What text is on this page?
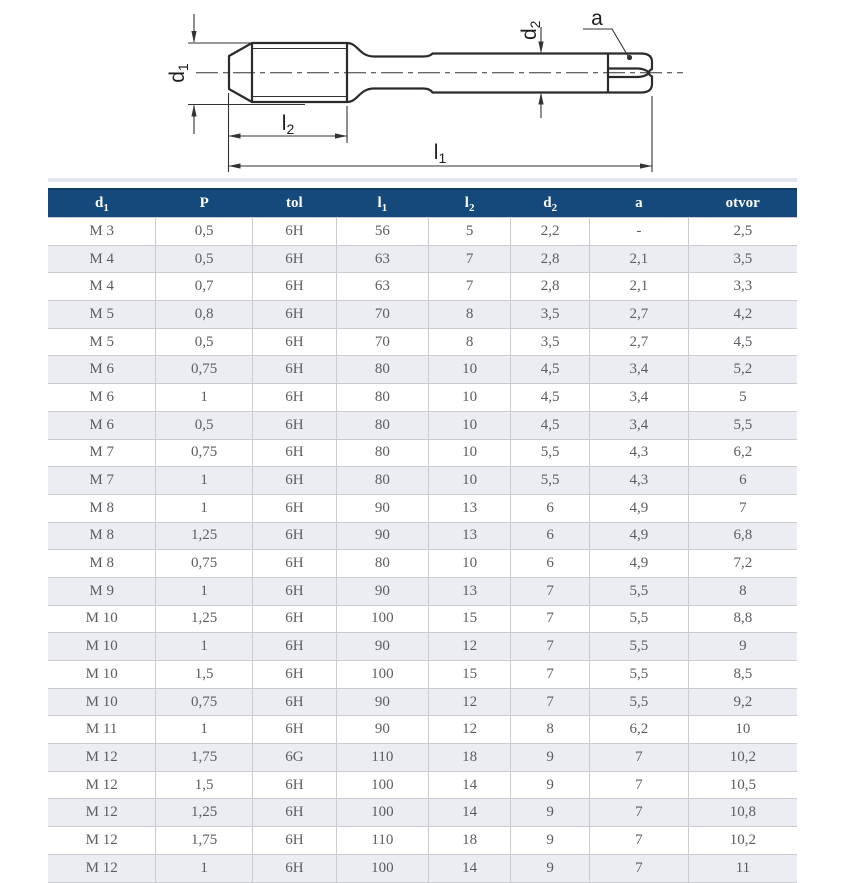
d1
l2
l1
d2 a
$d_1$	P	tol	$l_1$	$l_2$	$d_2$	a	otvor
M 3	0,5	6H	56	5	2,2	-	2,5
M 4	0,5	6H	63	7	2,8	2,1	3,5
M 4	0,7	6H	63	7	2,8	2,1	3,3
M 5	0,8	6H	70	8	3,5	2,7	4,2
M 5	0,5	6H	70	8	3,5	2,7	4,5
M 6	0,75	6H	80	10	4,5	3,4	5,2
M 6	1	6H	80	10	4,5	3,4	5
M 6	0,5	6H	80	10	4,5	3,4	5,5
M 7	0,75	6H	80	10	5,5	4,3	6,2
M 7	1	6H	80	10	5,5	4,3	6
M 8	1	6H	90	13	6	4,9	7
M 8	1,25	6H	90	13	6	4,9	6,8
M 8	0,75	6H	80	10	6	4,9	7,2
M 9	1	6H	90	13	7	5,5	8
M 10	1,25	6H	100	15	7	5,5	8,8
M 10	1	6H	90	12	7	5,5	9
M 10	1,5	6H	100	15	7	5,5	8,5
M 10	0,75	6H	90	12	7	5,5	9,2
M 11	1	6H	90	12	8	6,2	10
M 12	1,75	6G	110	18	9	7	10,2
M 12	1,5	6H	100	14	9	7	10,5
M 12	1,25	6H	100	14	9	7	10,8
M 12	1,75	6H	110	18	9	7	10,2
M 12	1	6H	100	14	9	7	11
